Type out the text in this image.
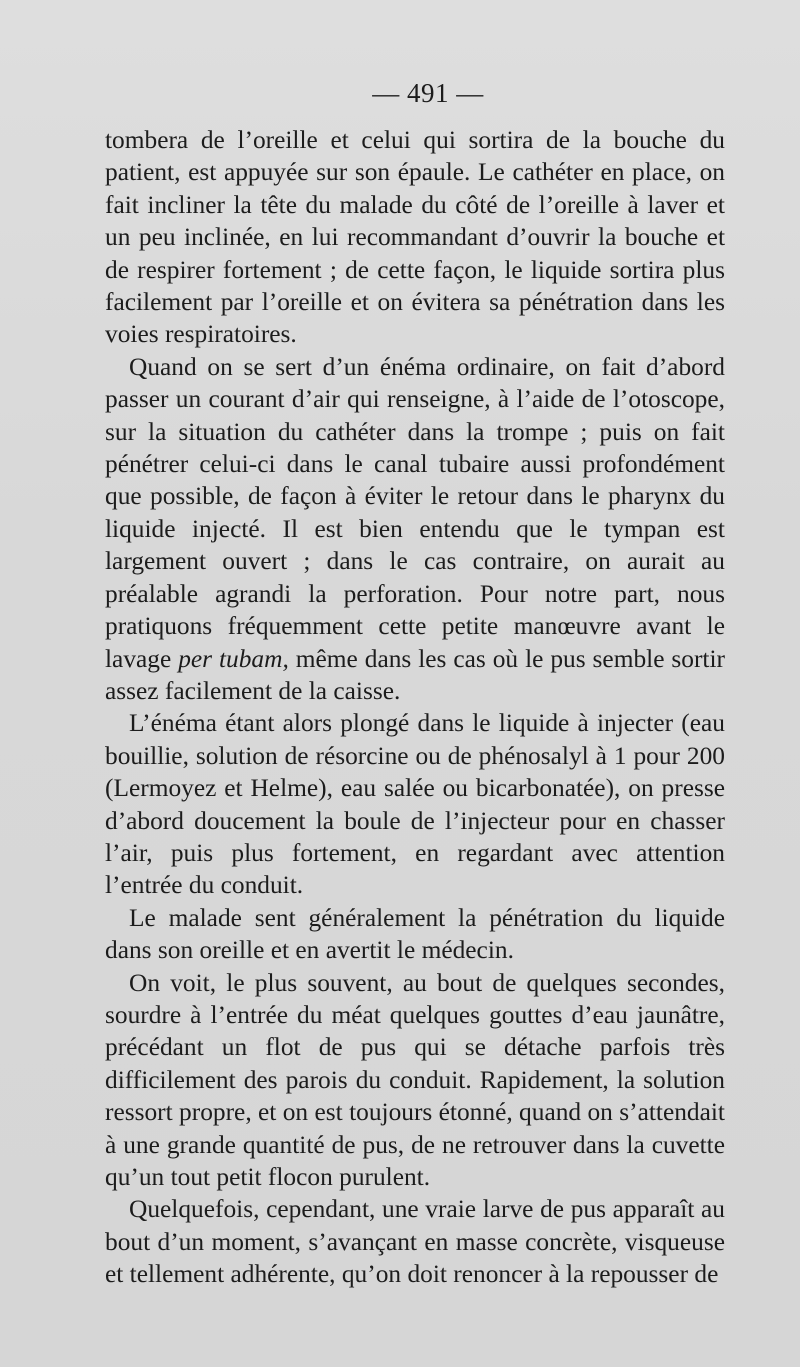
— 491 —

tombera de l’oreille et celui qui sortira de la bouche du patient, est appuyée sur son épaule. Le cathéter en place, on fait incliner la tête du malade du côté de l’oreille à laver et un peu inclinée, en lui recommandant d’ouvrir la bouche et de respirer fortement ; de cette façon, le liquide sortira plus facilement par l’oreille et on évitera sa pénétration dans les voies respiratoires.

Quand on se sert d’un énéma ordinaire, on fait d’abord passer un courant d’air qui renseigne, à l’aide de l’otoscope, sur la situation du cathéter dans la trompe ; puis on fait pénétrer celui-ci dans le canal tubaire aussi profondément que possible, de façon à éviter le retour dans le pharynx du liquide injecté. Il est bien entendu que le tympan est largement ouvert ; dans le cas contraire, on aurait au préalable agrandi la perforation. Pour notre part, nous pratiquons fréquemment cette petite manœuvre avant le lavage per tubam, même dans les cas où le pus semble sortir assez facilement de la caisse.

L’énéma étant alors plongé dans le liquide à injecter (eau bouillie, solution de résorcine ou de phénosalyl à 1 pour 200 (Lermoyez et Helme), eau salée ou bicarbonatée), on presse d’abord doucement la boule de l’injecteur pour en chasser l’air, puis plus fortement, en regardant avec attention l’entrée du conduit.

Le malade sent généralement la pénétration du liquide dans son oreille et en avertit le médecin.

On voit, le plus souvent, au bout de quelques secondes, sourdre à l’entrée du méat quelques gouttes d’eau jaunâtre, précédant un flot de pus qui se détache parfois très difficilement des parois du conduit. Rapidement, la solution ressort propre, et on est toujours étonné, quand on s’attendait à une grande quantité de pus, de ne retrouver dans la cuvette qu’un tout petit flocon purulent.

Quelquefois, cependant, une vraie larve de pus apparaît au bout d’un moment, s’avançant en masse concrète, visqueuse et tellement adhérente, qu’on doit renoncer à la repousser de
